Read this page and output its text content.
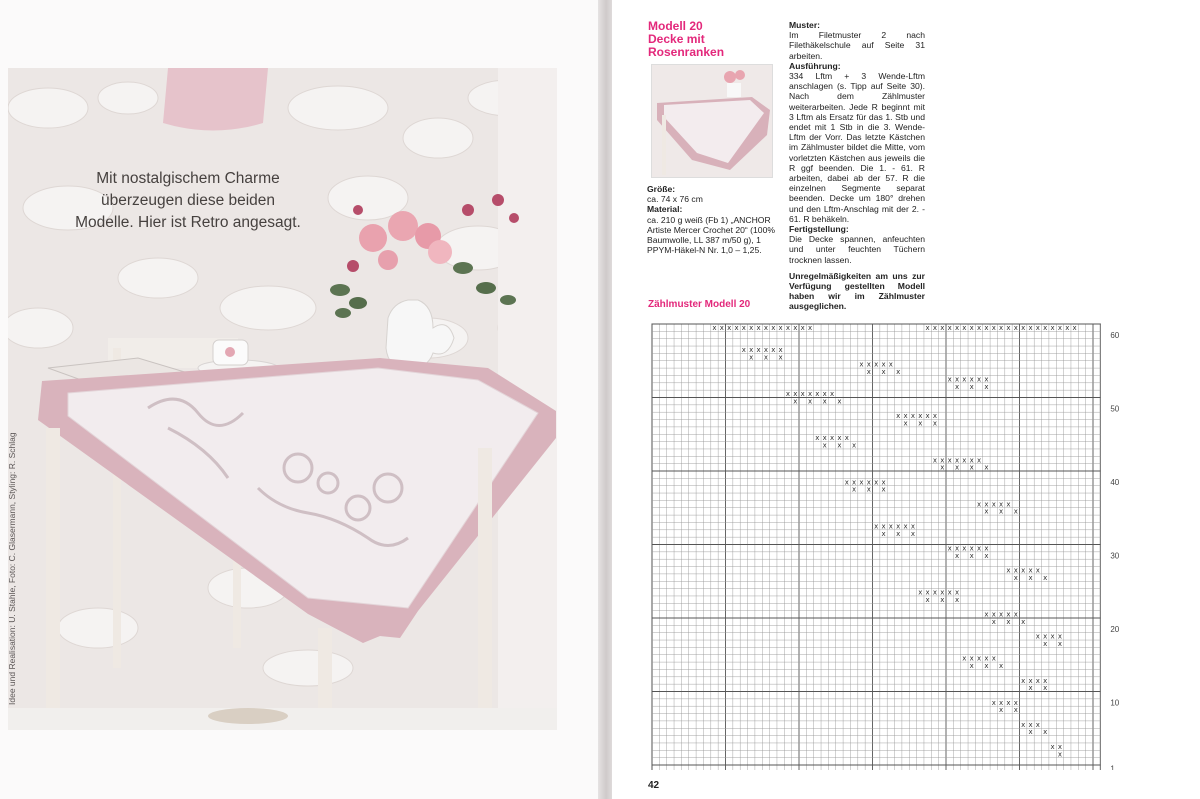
Mit nostalgischem Charme
überzeugen diese beiden
Modelle. Hier ist Retro angesagt.
Idee und Realisation: U. Stahle, Foto: C. Glasermann, Styling: R. Schlag
Modell 20
Decke mit
Rosenranken
Größe:
ca. 74 x 76 cm
Material:
ca. 210 g weiß (Fb 1) „ANCHOR Artiste Mercer Crochet 20“ (100% Baumwolle, LL 387 m/50 g), 1 PPYM-Häkel-N Nr. 1,0 – 1,25.

Muster:

Im Filetmuster 2 nach Filethäkelschule auf Seite 31 arbeiten.

Ausführung:

334 Lftm + 3 Wende-Lftm anschlagen (s. Tipp auf Seite 30). Nach dem Zählmuster weiterarbeiten. Jede R beginnt mit 3 Lftm als Ersatz für das 1. Stb und endet mit 1 Stb in die 3. Wende-Lftm der Vorr. Das letzte Kästchen im Zählmuster bildet die Mitte, vom vorletzten Kästchen aus jeweils die R ggf beenden. Die 1. - 61. R arbeiten, dabei ab der 57. R die einzelnen Segmente separat beenden. Decke um 180° drehen und den Lftm-Anschlag mit der 2. - 61. R behäkeln.

Fertigstellung:

Die Decke spannen, anfeuchten und unter feuchten Tüchern trocknen lassen.

Unregelmäßigkeiten am uns zur Verfügung gestellten Modell haben wir im Zählmuster ausgeglichen.

Zählmuster Modell 20
x x x x x x x x x x x x x x	x x x x x x x x x x x x x x x x x x x x x
x
x
x x
x
x x
x
x
x
x
x x
x
x x
x
x
x
x x
x
x x
x
x
x
x
x x
x
x x
x
x x
x
x
x
x x
x
x x
x
x
x
x
x x
x
x x
x
x
x
x x
x
x x
x
x x
x
x
x
x x
x
x x
x
x
x
x
x x
x
x x
x
x
x
x x
x
x x
x
x
x
x
x x
x
x x
x
x
x
x
x x
x
x x
x
x
x
x x
x
x x
x
x
x
x
x x
x
x x
x
x
x
x x
x
x
x
x
x x
x
x x
x
x
x
x x
x
x
x
x
x x
x
x
x
x
x x
x
x
x
x
1
10
20
30
40
50
60
42
